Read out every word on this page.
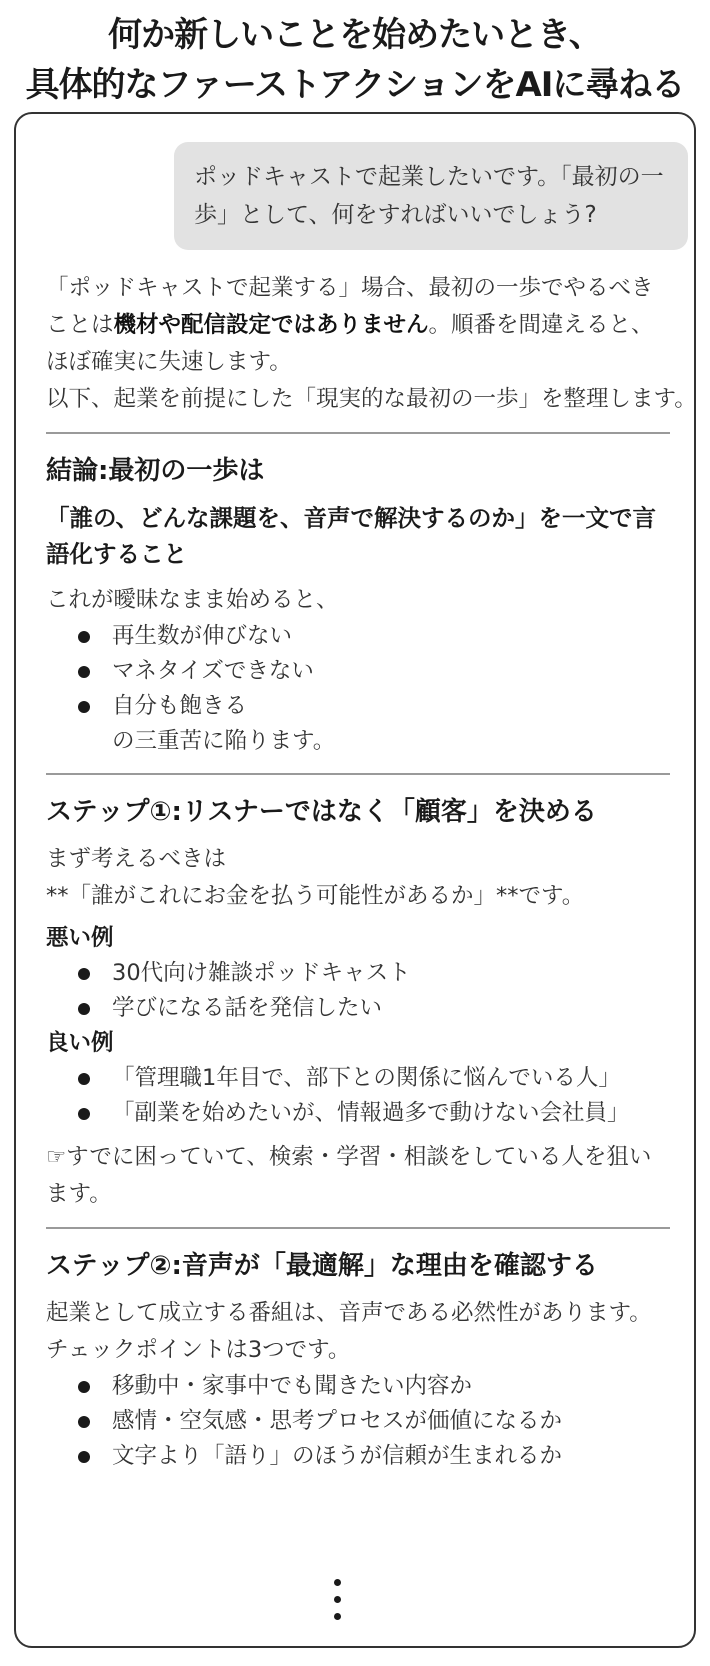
何か新しいことを始めたいとき、
具体的なファーストアクションをAIに尋ねる
ポッドキャストで起業したいです。「最初の一歩」として、何をすればいいでしょう?

「ポッドキャストで起業する」場合、最初の一歩でやるべきことは機材や配信設定ではありません。順番を間違えると、ほぼ確実に失速します。

以下、起業を前提にした「現実的な最初の一歩」を整理します。

結論:最初の一歩は
「誰の、どんな課題を、音声で解決するのか」を一文で言語化すること

これが曖昧なまま始めると、

再生数が伸びない
マネタイズできない
自分も飽きる
の三重苦に陥ります。
ステップ①:リスナーではなく「顧客」を決める

まず考えるべきは

**「誰がこれにお金を払う可能性があるか」**です。

悪い例
30代向け雑談ポッドキャスト
学びになる話を発信したい
良い例
「管理職1年目で、部下との関係に悩んでいる人」
「副業を始めたいが、情報過多で動けない会社員」

☞すでに困っていて、検索・学習・相談をしている人を狙います。

ステップ②:音声が「最適解」な理由を確認する

起業として成立する番組は、音声である必然性があります。チェックポイントは3つです。

移動中・家事中でも聞きたい内容か
感情・空気感・思考プロセスが価値になるか
文字より「語り」のほうが信頼が生まれるか
